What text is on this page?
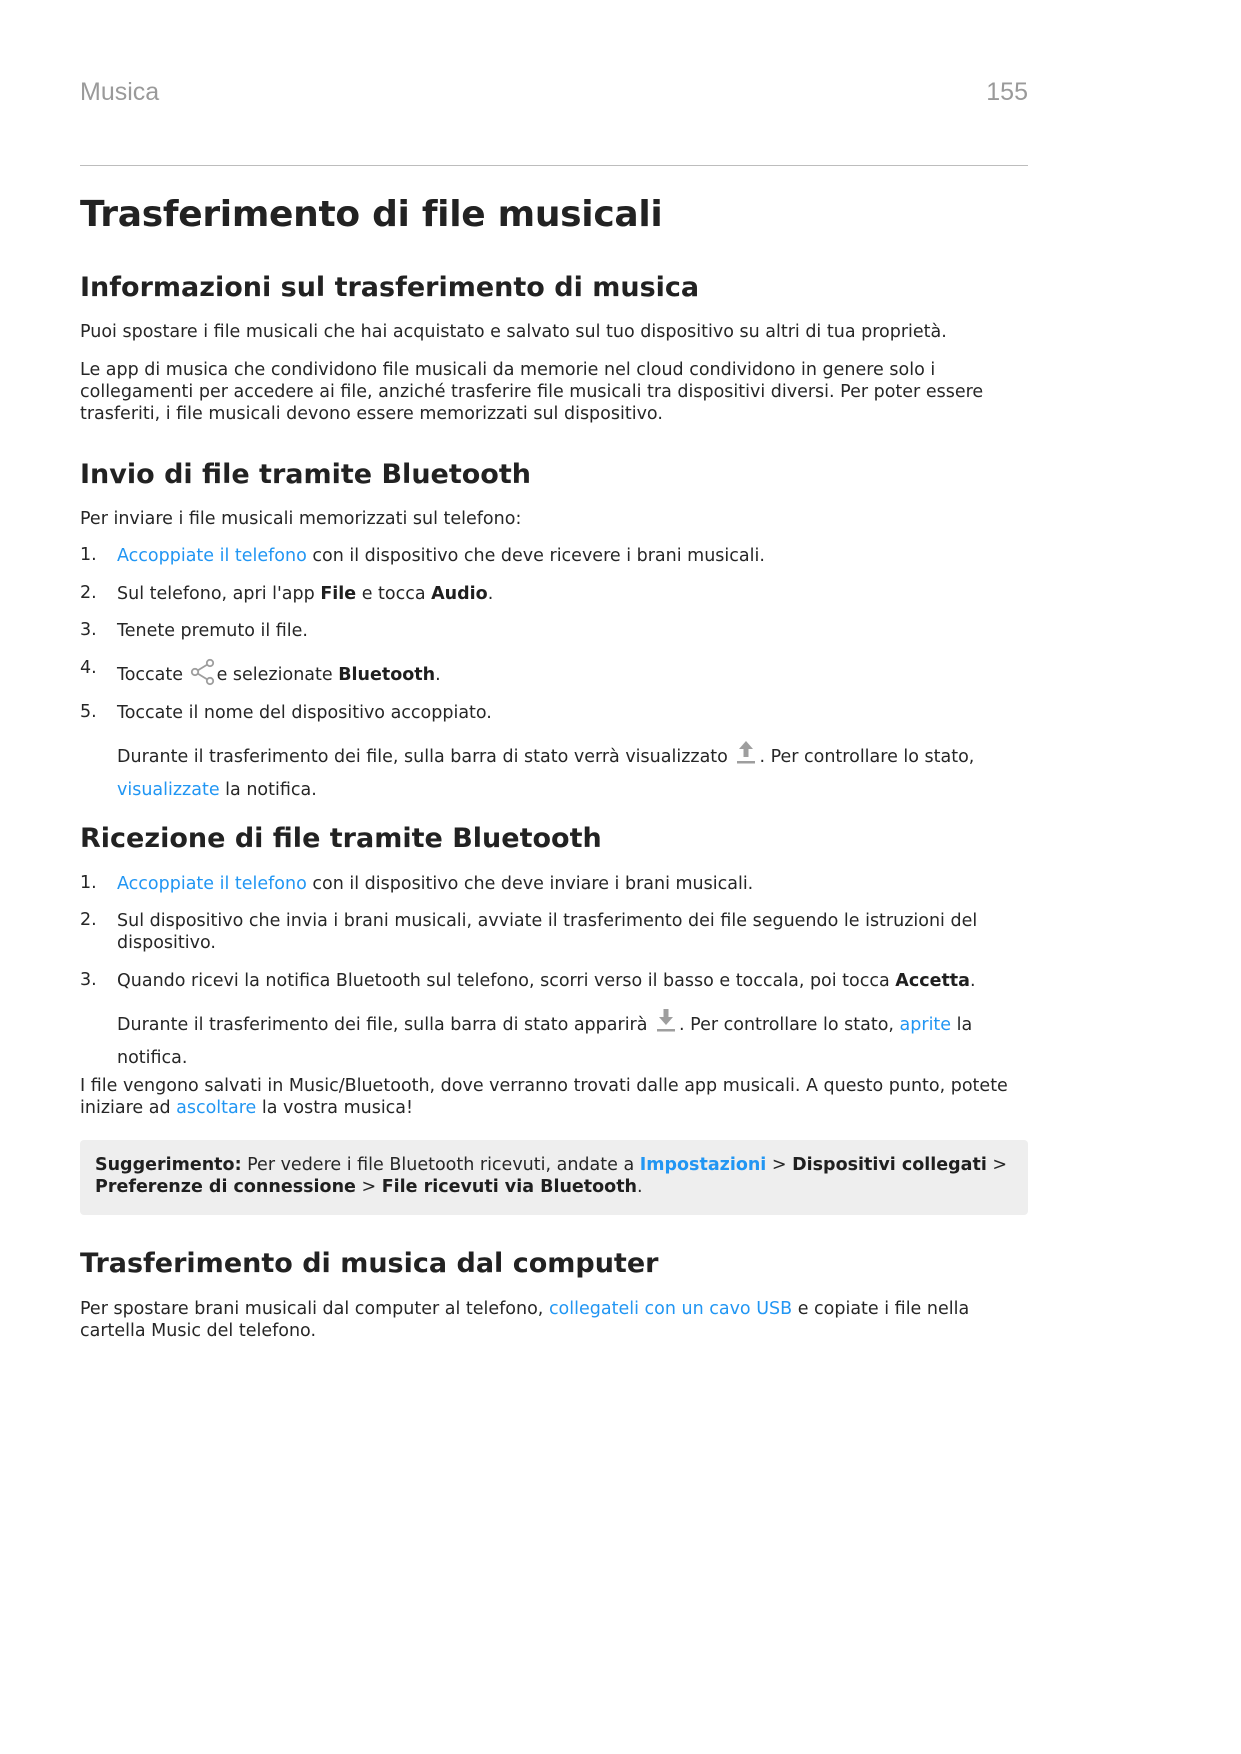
Musica	155
Trasferimento di file musicali
Informazioni sul trasferimento di musica
Puoi spostare i file musicali che hai acquistato e salvato sul tuo dispositivo su altri di tua proprietà.
Le app di musica che condividono file musicali da memorie nel cloud condividono in genere solo i collegamenti per accedere ai file, anziché trasferire file musicali tra dispositivi diversi. Per poter essere trasferiti, i file musicali devono essere memorizzati sul dispositivo.
Invio di file tramite Bluetooth
Per inviare i file musicali memorizzati sul telefono:
1. Accoppiate il telefono con il dispositivo che deve ricevere i brani musicali.
2. Sul telefono, apri l'app File e tocca Audio.
3. Tenete premuto il file.
4. Toccate e selezionate Bluetooth.
5. Toccate il nome del dispositivo accoppiato.
Durante il trasferimento dei file, sulla barra di stato verrà visualizzato . Per controllare lo stato, visualizzate la notifica.
Ricezione di file tramite Bluetooth
1. Accoppiate il telefono con il dispositivo che deve inviare i brani musicali.
2. Sul dispositivo che invia i brani musicali, avviate il trasferimento dei file seguendo le istruzioni del dispositivo.
3. Quando ricevi la notifica Bluetooth sul telefono, scorri verso il basso e toccala, poi tocca Accetta.
Durante il trasferimento dei file, sulla barra di stato apparirà . Per controllare lo stato, aprite la notifica.
I file vengono salvati in Music/Bluetooth, dove verranno trovati dalle app musicali. A questo punto, potete iniziare ad ascoltare la vostra musica!
Suggerimento: Per vedere i file Bluetooth ricevuti, andate a Impostazioni > Dispositivi collegati > Preferenze di connessione > File ricevuti via Bluetooth.
Trasferimento di musica dal computer
Per spostare brani musicali dal computer al telefono, collegateli con un cavo USB e copiate i file nella cartella Music del telefono.
